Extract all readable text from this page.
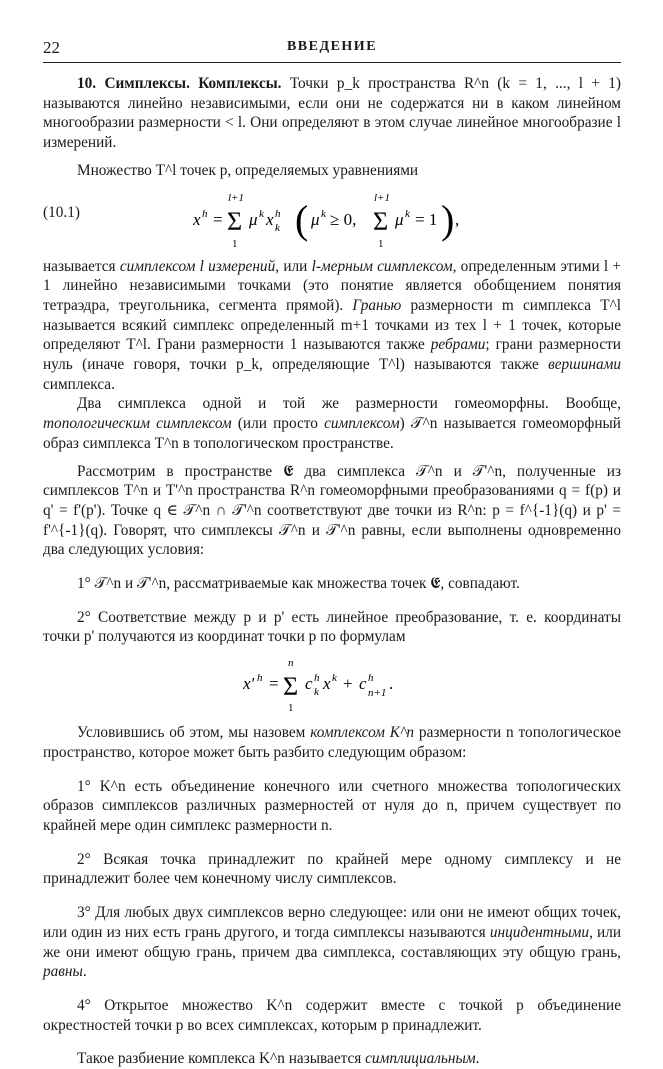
22	ВВЕДЕНИЕ

10. Симплексы. Комплексы. Точки p_k пространства R^n (k = 1, ..., l + 1) называются линейно независимыми, если они не содержатся ни в каком линейном многообразии размерности < l. Они определяют в этом случае линейное многообразие l измерений.

Множество T^l точек p, определяемых уравнениями

(10.1)	x h =
l+1
Σ
1
μ k x h
k ( μ k ≥ 0,
l+1
Σ
1
μ k = 1 ) ,

называется симплексом l измерений, или l-мерным симплексом, определенным этими l + 1 линейно независимыми точками (это понятие является обобщением понятия тетраэдра, треугольника, сегмента прямой). Гранью размерности m симплекса T^l называется всякий симплекс определенный m+1 точками из тех l + 1 точек, которые определяют T^l. Грани размерности 1 называются также ребрами; грани размерности нуль (иначе говоря, точки p_k, определяющие T^l) называются также вершинами симплекса.

Два симплекса одной и той же размерности гомеоморфны. Вообще, топологическим симплексом (или просто симплексом) 𝒯^n называется гомеоморфный образ симплекса T^n в топологическом пространстве.

Рассмотрим в пространстве 𝕰 два симплекса 𝒯^n и 𝒯'^n, полученные из симплексов T^n и T'^n пространства R^n гомеоморфными преобразованиями q = f(p) и q' = f'(p'). Точке q ∈ 𝒯^n ∩ 𝒯'^n соответствуют две точки из R^n: p = f^{-1}(q) и p' = f'^{-1}(q). Говорят, что симплексы 𝒯^n и 𝒯'^n равны, если выполнены одновременно два следующих условия:

1° 𝒯^n и 𝒯'^n, рассматриваемые как множества точек 𝕰, совпадают.

2° Соответствие между p и p' есть линейное преобразование, т. е. координаты точки p' получаются из координат точки p по формулам

x' h =
n
Σ
1
c h
k x k + c h
n+1 .

Условившись об этом, мы назовем комплексом K^n размерности n топологическое пространство, которое может быть разбито следующим образом:

1° K^n есть объединение конечного или счетного множества топологических образов симплексов различных размерностей от нуля до n, причем существует по крайней мере один симплекс размерности n.

2° Всякая точка принадлежит по крайней мере одному симплексу и не принадлежит более чем конечному числу симплексов.

3° Для любых двух симплексов верно следующее: или они не имеют общих точек, или один из них есть грань другого, и тогда симплексы называются инцидентными, или же они имеют общую грань, причем два симплекса, составляющих эту общую грань, равны.

4° Открытое множество K^n содержит вместе с точкой p объединение окрестностей точки p во всех симплексах, которым p принадлежит.

Такое разбиение комплекса K^n называется симплициальным.
